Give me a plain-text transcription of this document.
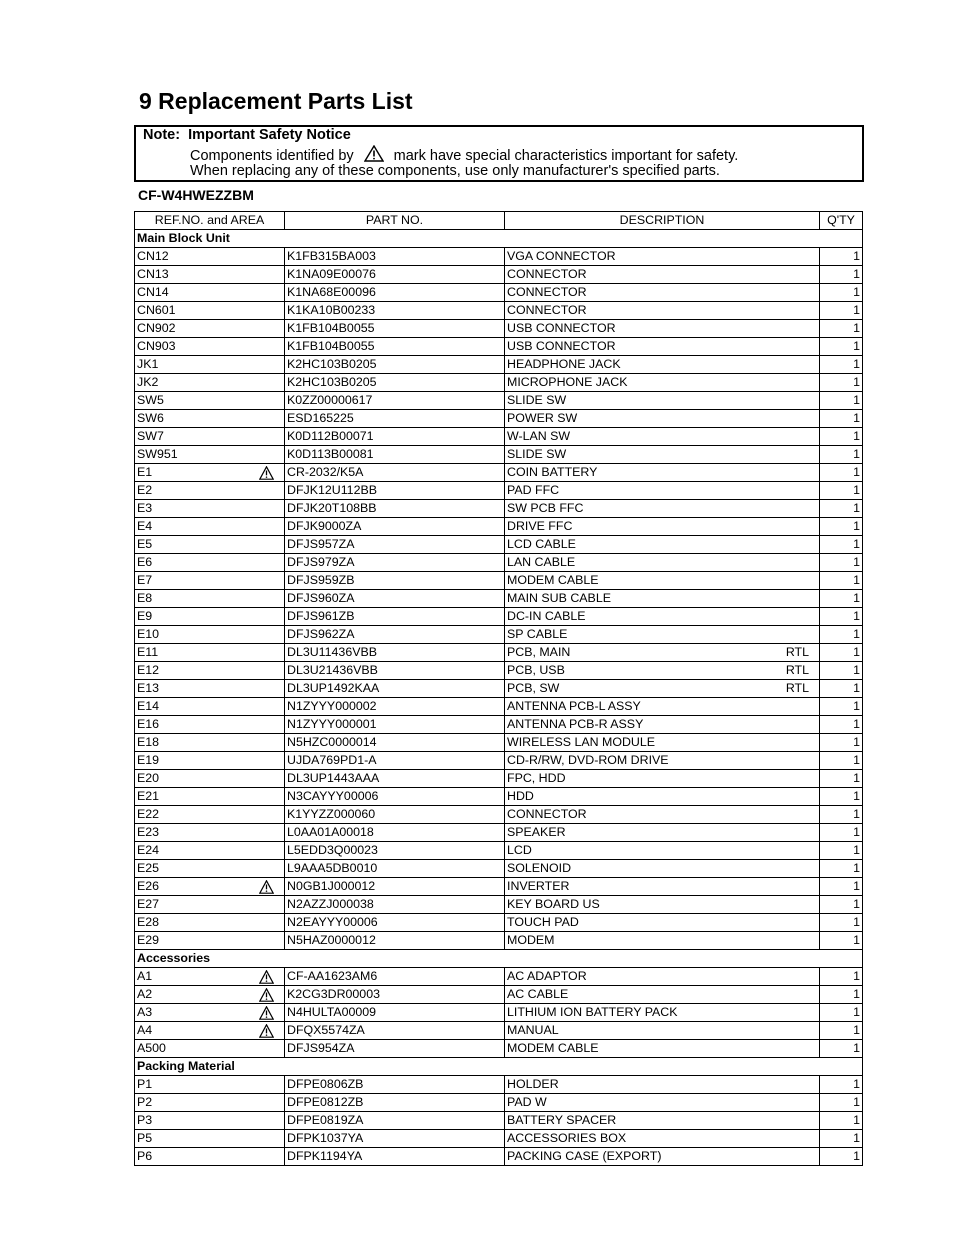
9 Replacement Parts List
Note: Important Safety Notice
Components identified by	mark have special characteristics important for safety.
When replacing any of these components, use only manufacturer's specified parts.
CF-W4HWEZZBM
REF.NO. and AREA	PART NO.	DESCRIPTION	Q'TY
Main Block Unit			

CN12	K1FB315BA003	VGA CONNECTOR	1

CN13	K1NA09E00076	CONNECTOR	1

CN14	K1NA68E00096	CONNECTOR	1

CN601	K1KA10B00233	CONNECTOR	1

CN902	K1FB104B0055	USB CONNECTOR	1

CN903	K1FB104B0055	USB CONNECTOR	1

JK1	K2HC103B0205	HEADPHONE JACK	1

JK2	K2HC103B0205	MICROPHONE JACK	1

SW5	K0ZZ00000617	SLIDE SW	1

SW6	ESD165225	POWER SW	1

SW7	K0D112B00071	W-LAN SW	1

SW951	K0D113B00081	SLIDE SW	1

E1	CR-2032/K5A	COIN BATTERY	1

E2	DFJK12U112BB	PAD FFC	1

E3	DFJK20T108BB	SW PCB FFC	1

E4	DFJK9000ZA	DRIVE FFC	1

E5	DFJS957ZA	LCD CABLE	1

E6	DFJS979ZA	LAN CABLE	1

E7	DFJS959ZB	MODEM CABLE	1

E8	DFJS960ZA	MAIN SUB CABLE	1

E9	DFJS961ZB	DC-IN CABLE	1

E10	DFJS962ZA	SP CABLE	1

E11	DL3U11436VBB	PCB, MAIN RTL	1

E12	DL3U21436VBB	PCB, USB RTL	1

E13	DL3UP1492KAA	PCB, SW RTL	1

E14	N1ZYYY000002	ANTENNA PCB-L ASSY	1

E16	N1ZYYY000001	ANTENNA PCB-R ASSY	1

E18	N5HZC0000014	WIRELESS LAN MODULE	1

E19	UJDA769PD1-A	CD-R/RW, DVD-ROM DRIVE	1

E20	DL3UP1443AAA	FPC, HDD	1

E21	N3CAYYY00006	HDD	1

E22	K1YYZZ000060	CONNECTOR	1

E23	L0AA01A00018	SPEAKER	1

E24	L5EDD3Q00023	LCD	1

E25	L9AAA5DB0010	SOLENOID	1

E26	N0GB1J000012	INVERTER	1

E27	N2AZZJ000038	KEY BOARD US	1

E28	N2EAYYY00006	TOUCH PAD	1

E29	N5HAZ0000012	MODEM	1
Accessories			

A1	CF-AA1623AM6	AC ADAPTOR	1

A2	K2CG3DR00003	AC CABLE	1

A3	N4HULTA00009	LITHIUM ION BATTERY PACK	1

A4	DFQX5574ZA	MANUAL	1

A500	DFJS954ZA	MODEM CABLE	1
Packing Material			

P1	DFPE0806ZB	HOLDER	1

P2	DFPE0812ZB	PAD W	1

P3	DFPE0819ZA	BATTERY SPACER	1

P5	DFPK1037YA	ACCESSORIES BOX	1

P6	DFPK1194YA	PACKING CASE (EXPORT)	1
